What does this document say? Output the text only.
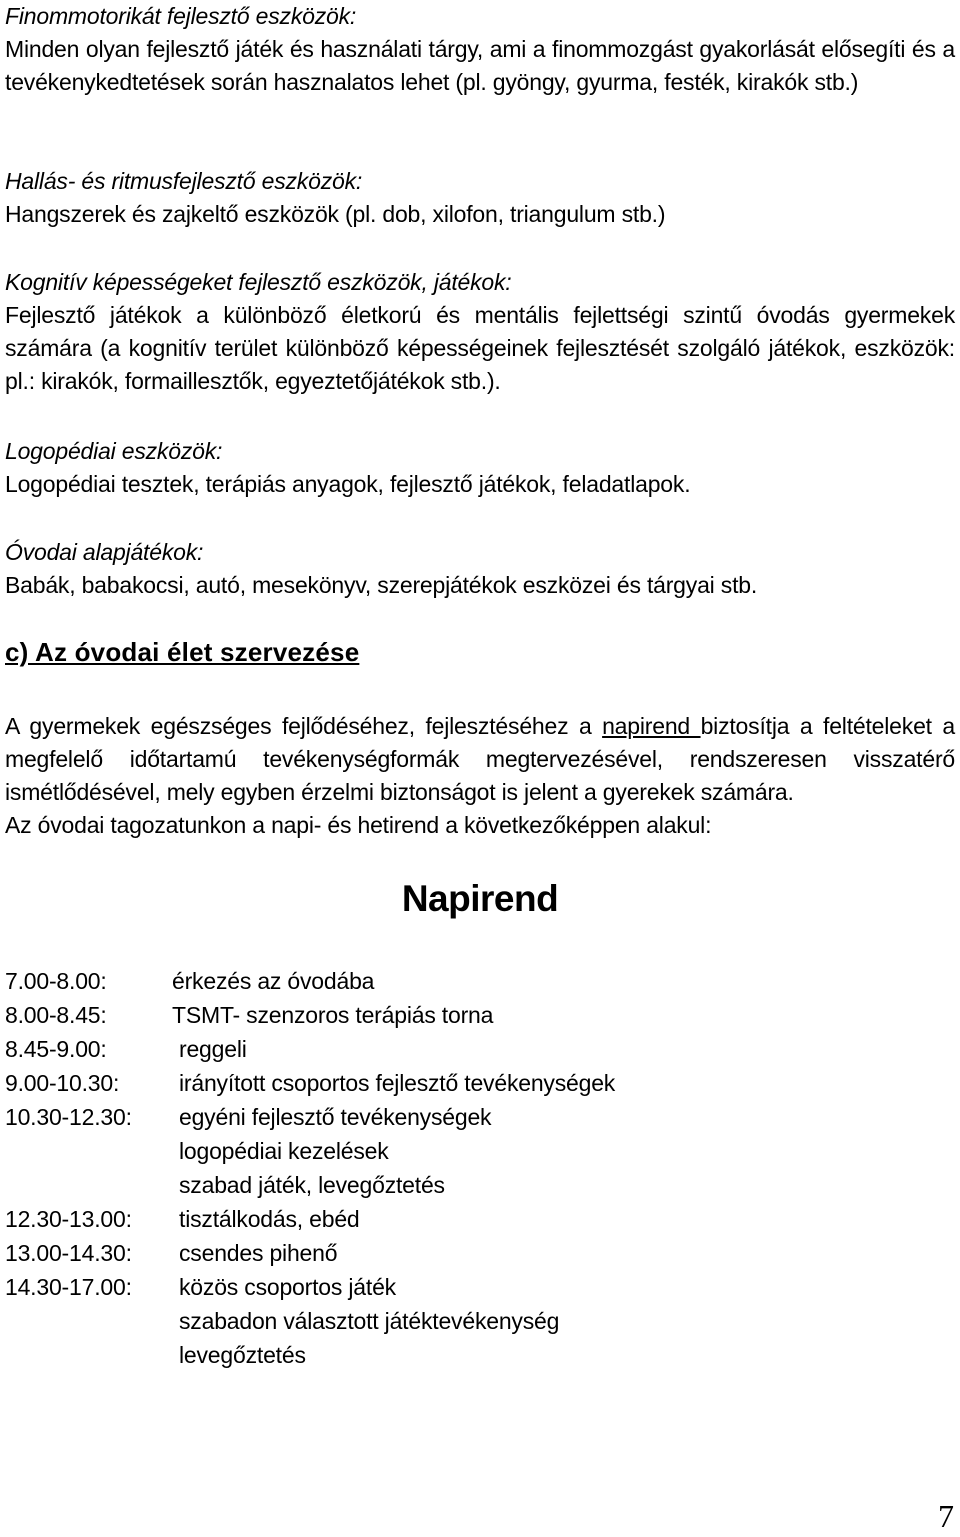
Finommotorikát fejlesztő eszközök:
Minden olyan fejlesztő játék és használati tárgy, ami a finommozgást gyakorlását elősegíti és a tevékenykedtetések során hasznalatos lehet (pl. gyöngy, gyurma, festék, kirakók stb.)
Hallás- és ritmusfejlesztő eszközök:
Hangszerek és zajkeltő eszközök (pl. dob, xilofon, triangulum stb.)
Kognitív képességeket fejlesztő eszközök, játékok:
Fejlesztő játékok a különböző életkorú és mentális fejlettségi szintű óvodás gyermekek számára (a kognitív terület különböző képességeinek fejlesztését szolgáló játékok, eszközök: pl.: kirakók, formaillesztők, egyeztetőjátékok stb.).
Logopédiai eszközök:
Logopédiai tesztek, terápiás anyagok, fejlesztő játékok, feladatlapok.
Óvodai alapjátékok:
Babák, babakocsi, autó, mesekönyv, szerepjátékok eszközei és tárgyai stb.
c) Az óvodai élet szervezése
A gyermekek egészséges fejlődéséhez, fejlesztéséhez a napirend biztosítja a feltételeket a megfelelő időtartamú tevékenységformák megtervezésével, rendszeresen visszatérő ismétlődésével, mely egyben érzelmi biztonságot is jelent a gyerekek számára.
Az óvodai tagozatunkon a napi- és hetirend a következőképpen alakul:
Napirend
7.00-8.00:	érkezés az óvodába
8.00-8.45:	TSMT- szenzoros terápiás torna
8.45-9.00:	reggeli
9.00-10.30:	irányított csoportos fejlesztő tevékenységek
10.30-12.30: egyéni fejlesztő tevékenységek
logopédiai kezelések
szabad játék, levegőztetés
12.30-13.00: tisztálkodás, ebéd
13.00-14.30: csendes pihenő
14.30-17.00: közös csoportos játék
szabadon választott játéktevékenység
levegőztetés
7
